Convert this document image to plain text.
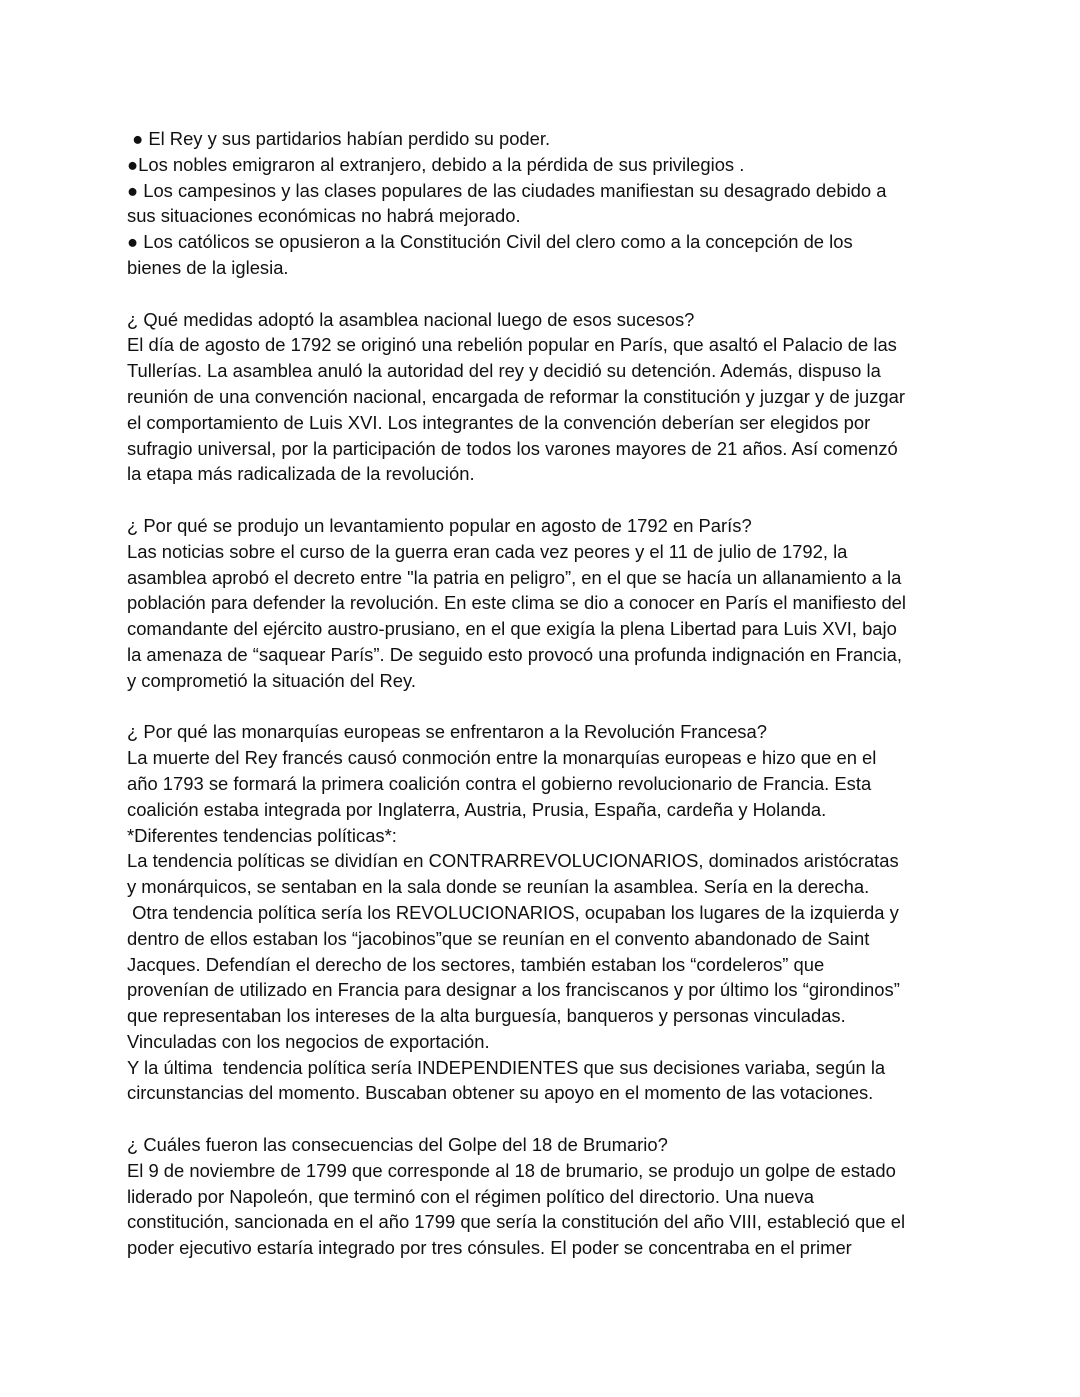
● El Rey y sus partidarios habían perdido su poder.
●Los nobles emigraron al extranjero, debido a la pérdida de sus privilegios .
● Los campesinos y las clases populares de las ciudades manifiestan su desagrado debido a
sus situaciones económicas no habrá mejorado.
● Los católicos se opusieron a la Constitución Civil del clero como a la concepción de los
bienes de la iglesia.
¿ Qué medidas adoptó la asamblea nacional luego de esos sucesos?
El día de agosto de 1792 se originó una rebelión popular en París, que asaltó el Palacio de las
Tullerías. La asamblea anuló la autoridad del rey y decidió su detención. Además, dispuso la
reunión de una convención nacional, encargada de reformar la constitución y juzgar y de juzgar
el comportamiento de Luis XVI. Los integrantes de la convención deberían ser elegidos por
sufragio universal, por la participación de todos los varones mayores de 21 años. Así comenzó
la etapa más radicalizada de la revolución.
¿ Por qué se produjo un levantamiento popular en agosto de 1792 en París?
Las noticias sobre el curso de la guerra eran cada vez peores y el 11 de julio de 1792, la
asamblea aprobó el decreto entre "la patria en peligro”, en el que se hacía un allanamiento a la
población para defender la revolución. En este clima se dio a conocer en París el manifiesto del
comandante del ejército austro-prusiano, en el que exigía la plena Libertad para Luis XVI, bajo
la amenaza de “saquear París”. De seguido esto provocó una profunda indignación en Francia,
y comprometió la situación del Rey.
¿ Por qué las monarquías europeas se enfrentaron a la Revolución Francesa?
La muerte del Rey francés causó conmoción entre la monarquías europeas e hizo que en el
año 1793 se formará la primera coalición contra el gobierno revolucionario de Francia. Esta
coalición estaba integrada por Inglaterra, Austria, Prusia, España, cardeña y Holanda.
*Diferentes tendencias políticas*:
La tendencia políticas se dividían en CONTRARREVOLUCIONARIOS, dominados aristócratas
y monárquicos, se sentaban en la sala donde se reunían la asamblea. Sería en la derecha.
Otra tendencia política sería los REVOLUCIONARIOS, ocupaban los lugares de la izquierda y
dentro de ellos estaban los “jacobinos”que se reunían en el convento abandonado de Saint
Jacques. Defendían el derecho de los sectores, también estaban los “cordeleros” que
provenían de utilizado en Francia para designar a los franciscanos y por último los “girondinos”
que representaban los intereses de la alta burguesía, banqueros y personas vinculadas.
Vinculadas con los negocios de exportación.
Y la última  tendencia política sería INDEPENDIENTES que sus decisiones variaba, según la
circunstancias del momento. Buscaban obtener su apoyo en el momento de las votaciones.
¿ Cuáles fueron las consecuencias del Golpe del 18 de Brumario?
El 9 de noviembre de 1799 que corresponde al 18 de brumario, se produjo un golpe de estado
liderado por Napoleón, que terminó con el régimen político del directorio. Una nueva
constitución, sancionada en el año 1799 que sería la constitución del año VIII, estableció que el
poder ejecutivo estaría integrado por tres cónsules. El poder se concentraba en el primer
